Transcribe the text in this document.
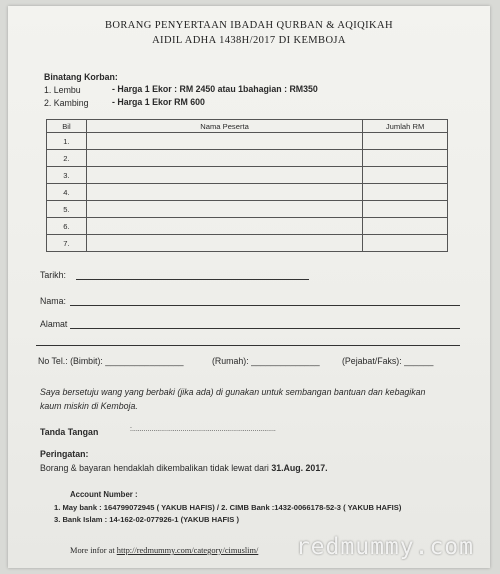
BORANG PENYERTAAN IBADAH QURBAN & AQIQIKAH
AIDIL ADHA 1438H/2017 DI KEMBOJA
Binatang Korban:
1. Lembu	- Harga 1 Ekor : RM 2450 atau 1bahagian : RM350
2. Kambing	- Harga 1 Ekor RM 600
Bil	Nama Peserta	Jumlah RM
1.		
2.		
3.		
4.		
5.		
6.		
7.		
Tarikh:
Nama:
Alamat
No Tel.: (Bimbit): ________________	(Rumah): ______________	(Pejabat/Faks): ______
Saya bersetuju wang yang berbaki (jika ada) di gunakan untuk sembangan bantuan dan kebagikan
kaum miskin di Kemboja.
Tanda Tangan	:..........................................................................
Peringatan:
Borang & bayaran hendaklah dikembalikan tidak lewat dari 31.Aug. 2017.
Account Number :
1. May bank : 164799072945 ( YAKUB HAFIS) / 2. CIMB Bank :1432-0066178-52-3 ( YAKUB HAFIS)
3. Bank Islam : 14-162-02-077926-1 (YAKUB HAFIS )
More infor at http://redmummy.com/category/cimuslim/ redmummy.com
